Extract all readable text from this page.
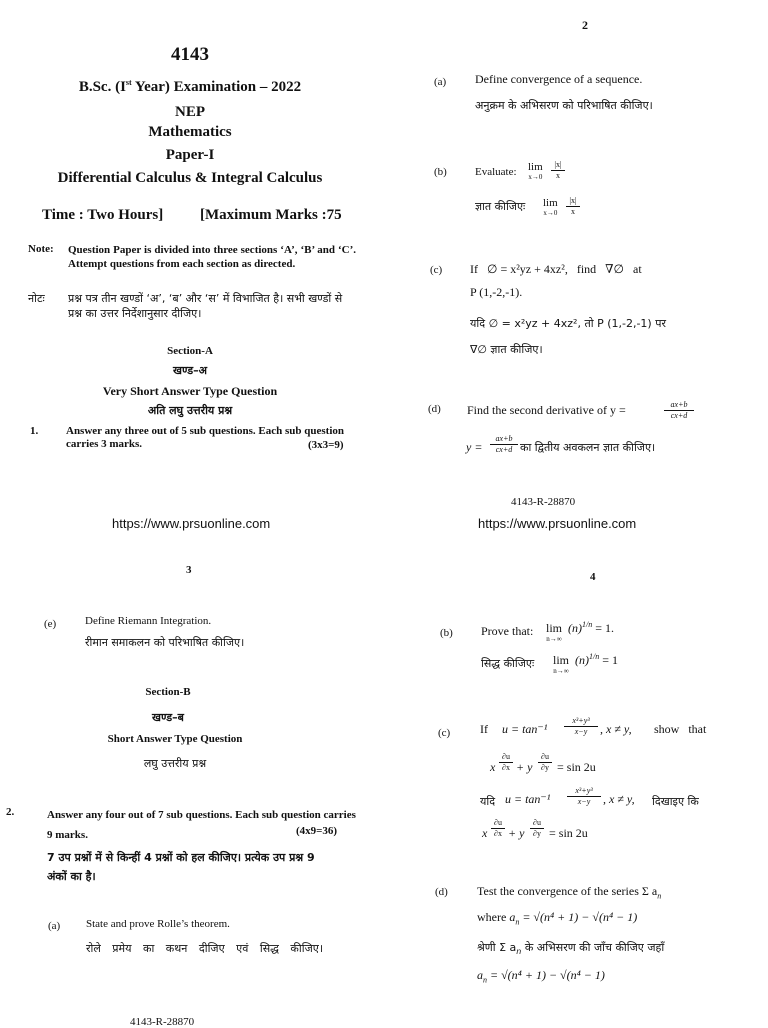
4143
B.Sc. (Ist Year) Examination – 2022
NEP
Mathematics
Paper-I
Differential Calculus & Integral Calculus
Time : Two Hours] [Maximum Marks :75
Note: Question Paper is divided into three sections ‘A’, ‘B’ and ‘C’. Attempt questions from each section as directed.
नोटः प्रश्न पत्र तीन खण्डों ‘अ’, ‘ब’ और ‘स’ में विभाजित है। सभी खण्डों से प्रश्न का उत्तर निर्देशानुसार दीजिए।
Section-A
खण्ड–अ
Very Short Answer Type Question
अति लघु उत्तरीय प्रश्न
1.	Answer any three out of 5 sub questions. Each sub question carries 3 marks.	(3x3=9)
https://www.prsuonline.com
2
(a) Define convergence of a sequence.
अनुक्रम के अभिसरण को परिभाषित कीजिए।
(b)	Evaluate: lim
x→0
|x|
x
ज्ञात कीजिएः lim
x→0
|x|
x
(c) If   ∅ = x²yz + 4xz²,   find   ∇∅   at
P (1,-2,-1).
यदि ∅ = x²yz + 4xz², तो P (1,-2,-1) पर
∇∅ ज्ञात कीजिए।
(d) Find the second derivative of y =	ax+b
cx+d
y =
ax+b
cx+d का द्वितीय अवकलन ज्ञात कीजिए।
4143-R-28870
https://www.prsuonline.com
3
(e)	Define Riemann Integration.
रीमान समाकलन को परिभाषित कीजिए।
Section-B
खण्ड–ब
Short Answer Type Question
लघु उत्तरीय प्रश्न
2.	Answer any four out of 7 sub questions. Each sub question carries 9 marks.	(4x9=36)
7 उप प्रश्नों में से किन्हीं 4 प्रश्नों को हल कीजिए। प्रत्येक उप प्रश्न 9 अंकों का है।
(a) State and prove Rolle’s theorem.
रोले प्रमेय का कथन दीजिए एवं सिद्ध कीजिए।
4143-R-28870
4
(b) Prove that: lim
n→∞
$(n)^{1/n} = 1$.
सिद्ध कीजिएः lim
n→∞
$(n)^{1/n} = 1$
(c) If u = tan⁻¹
x³+y³
x−y	, x ≠ y, show   that
x
∂u
∂x + y
∂u
∂y = sin 2u
यदि u = tan⁻¹
x³+y³
x−y	, x ≠ y, दिखाइए कि
x
∂u
∂x + y
∂u
∂y = sin 2u
(d) Test the convergence of the series Σ $a_n$
where $a_n = √(n^4 + 1) - √(n^4 - 1)$
श्रेणी Σ $a_n$ के अभिसरण की जाँच कीजिए जहाँ
$a_n = √(n^4 + 1) - √(n^4 - 1)$
